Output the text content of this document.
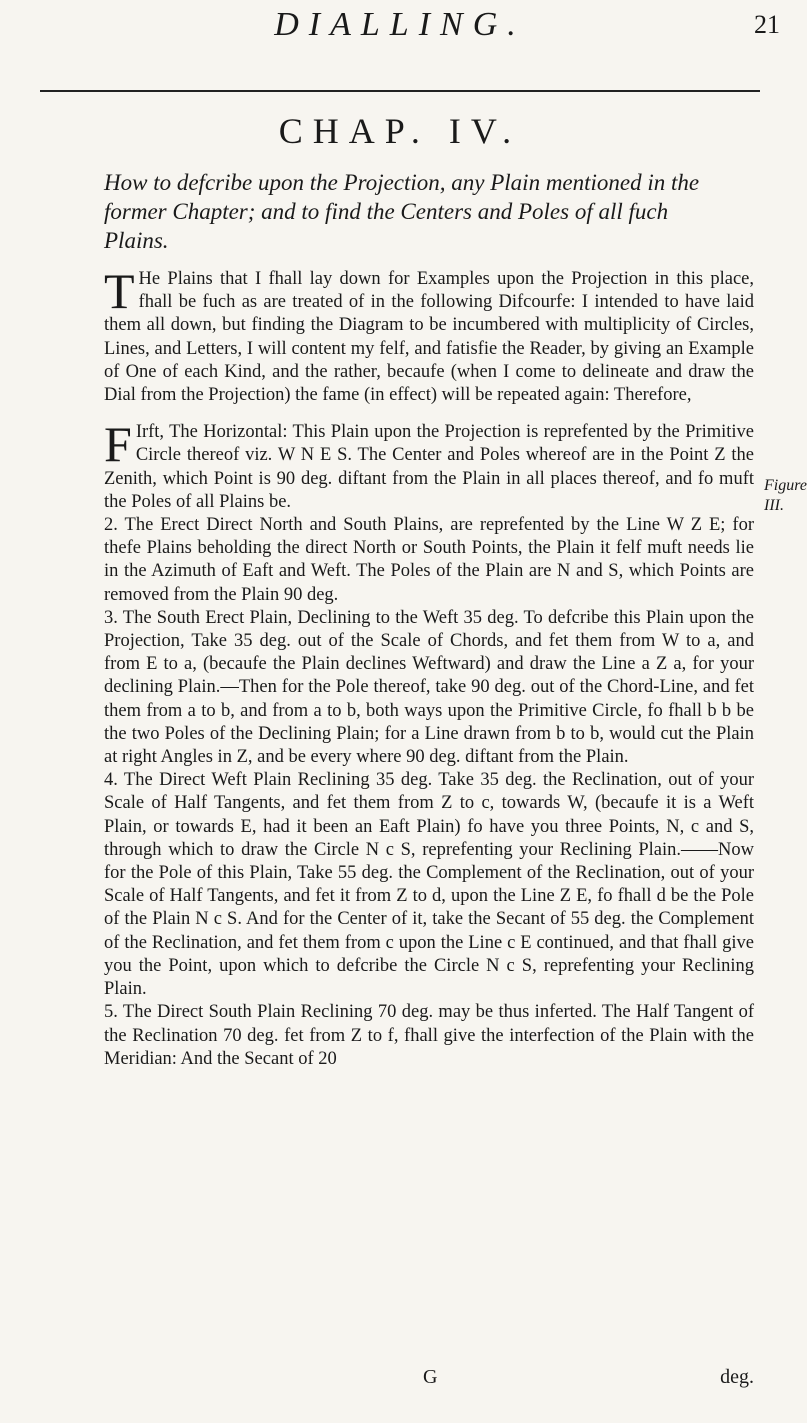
DIALLING.	21
CHAP. IV.
How to defcribe upon the Projection, any Plain mentioned in the former Chapter; and to find the Centers and Poles of all fuch Plains.

T He Plains that I fhall lay down for Examples upon the Projection in this place, fhall be fuch as are treated of in the following Difcourfe: I intended to have laid them all down, but finding the Diagram to be incumbered with multiplicity of Circles, Lines, and Letters, I will content my felf, and fatisfie the Reader, by giving an Example of One of each Kind, and the rather, becaufe (when I come to delineate and draw the Dial from the Projection) the fame (in effect) will be repeated again: Therefore,

F Irft, The Horizontal: This Plain upon the Projection is reprefented by the Primitive Circle thereof viz. W N E S. The Center and Poles whereof are in the Point Z the Zenith, which Point is 90 deg. diftant from the Plain in all places thereof, and fo muft the Poles of all Plains be.

2. The Erect Direct North and South Plains, are reprefented by the Line W Z E; for thefe Plains beholding the direct North or South Points, the Plain it felf muft needs lie in the Azimuth of Eaft and Weft. The Poles of the Plain are N and S, which Points are removed from the Plain 90 deg.

3. The South Erect Plain, Declining to the Weft 35 deg. To defcribe this Plain upon the Projection, Take 35 deg. out of the Scale of Chords, and fet them from W to a, and from E to a, (becaufe the Plain declines Weftward) and draw the Line a Z a, for your declining Plain.—Then for the Pole thereof, take 90 deg. out of the Chord-Line, and fet them from a to b, and from a to b, both ways upon the Primitive Circle, fo fhall b b be the two Poles of the Declining Plain; for a Line drawn from b to b, would cut the Plain at right Angles in Z, and be every where 90 deg. diftant from the Plain.

4. The Direct Weft Plain Reclining 35 deg. Take 35 deg. the Reclination, out of your Scale of Half Tangents, and fet them from Z to c, towards W, (becaufe it is a Weft Plain, or towards E, had it been an Eaft Plain) fo have you three Points, N, c and S, through which to draw the Circle N c S, reprefenting your Reclining Plain.——Now for the Pole of this Plain, Take 55 deg. the Complement of the Reclination, out of your Scale of Half Tangents, and fet it from Z to d, upon the Line Z E, fo fhall d be the Pole of the Plain N c S. And for the Center of it, take the Secant of 55 deg. the Complement of the Reclination, and fet them from c upon the Line c E continued, and that fhall give you the Point, upon which to defcribe the Circle N c S, reprefenting your Reclining Plain.

5. The Direct South Plain Reclining 70 deg. may be thus inferted. The Half Tangent of the Reclination 70 deg. fet from Z to f, fhall give the interfection of the Plain with the Meridian: And the Secant of 20

Figure III.
G	deg.
